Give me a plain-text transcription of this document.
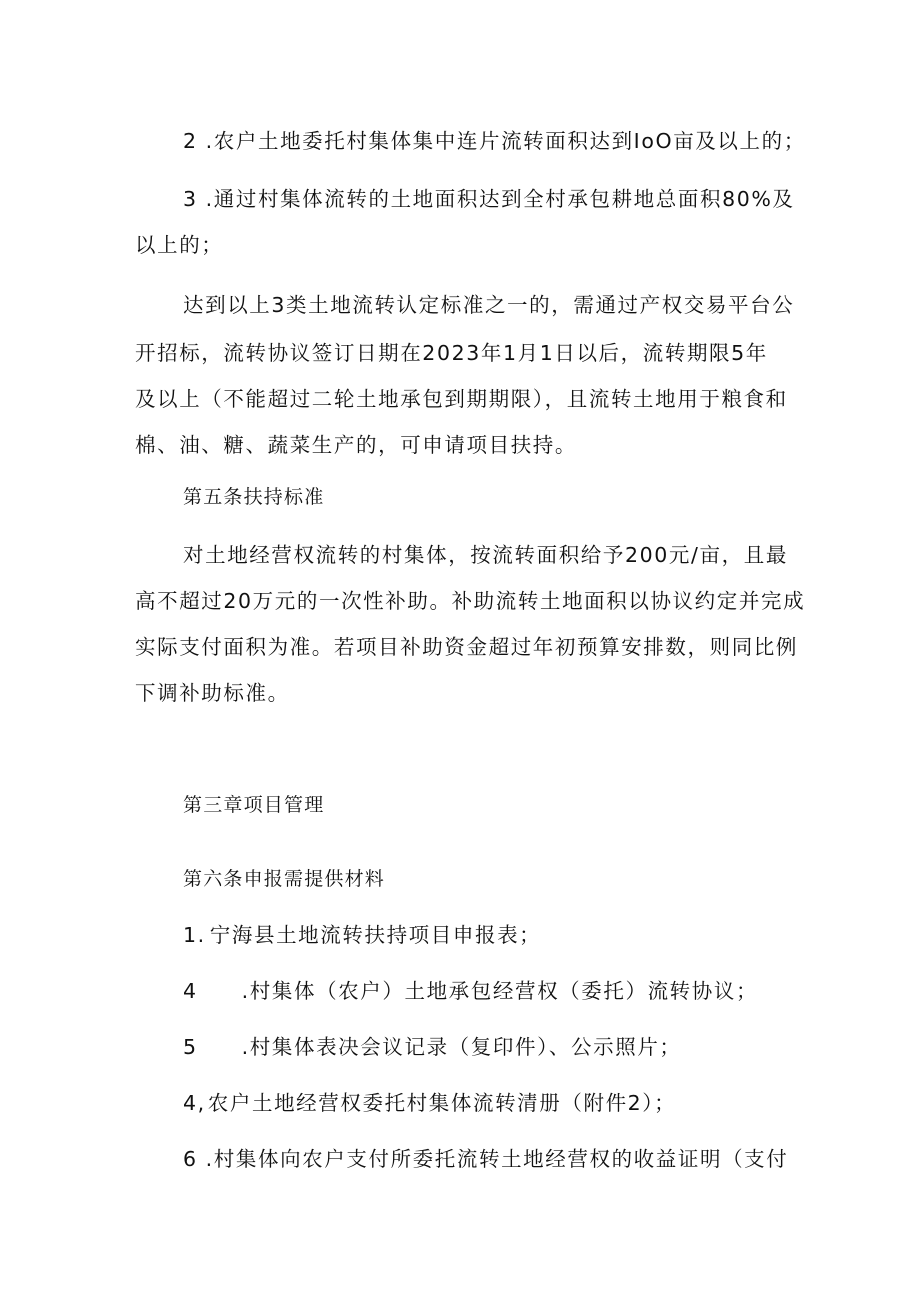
2 .农户土地委托村集体集中连片流转面积达到IoO亩及以上的；
3 .通过村集体流转的土地面积达到全村承包耕地总面积80%及
以上的；
达到以上3类土地流转认定标准之一的，需通过产权交易平台公
开招标，流转协议签订日期在2023年1月1日以后，流转期限5年
及以上（不能超过二轮土地承包到期期限），且流转土地用于粮食和
棉、油、糖、蔬菜生产的，可申请项目扶持。
第五条扶持标准
对土地经营权流转的村集体，按流转面积给予200元/亩，且最
高不超过20万元的一次性补助。补助流转土地面积以协议约定并完成
实际支付面积为准。若项目补助资金超过年初预算安排数，则同比例
下调补助标准。
第三章项目管理
第六条申报需提供材料
1. 宁海县土地流转扶持项目申报表；
4 .村集体（农户）土地承包经营权（委托）流转协议；
5 .村集体表决会议记录（复印件）、公示照片；
4,农户土地经营权委托村集体流转清册（附件2）；
6 .村集体向农户支付所委托流转土地经营权的收益证明（支付
